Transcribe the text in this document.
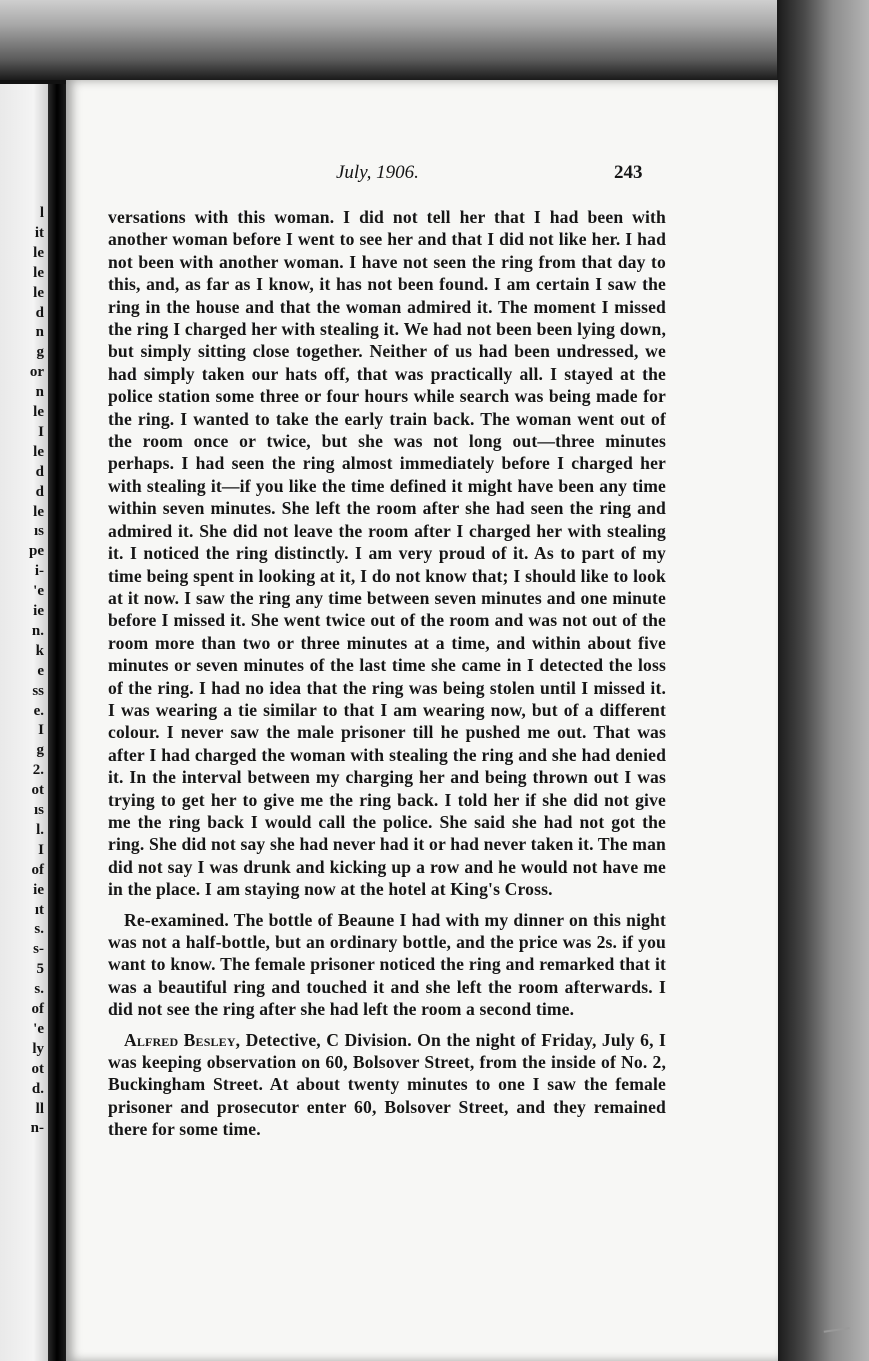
l
it
le
le
le
d
n
g
or
n
le
I
le
d
d
le
ıs
pe
i-
'e
ie
n.
k
e
ss
e.
I
g
2.
ot
ıs
l.
I
of
ie
ıt
s.
s-
5
s.
of
'e
ly
ot
d.
ll
n-
July, 1906.	243

versations with this woman. I did not tell her that I had been with another woman before I went to see her and that I did not like her. I had not been with another woman. I have not seen the ring from that day to this, and, as far as I know, it has not been found. I am certain I saw the ring in the house and that the woman admired it. The moment I missed the ring I charged her with stealing it. We had not been been lying down, but simply sitting close together. Neither of us had been undressed, we had simply taken our hats off, that was practically all. I stayed at the police station some three or four hours while search was being made for the ring. I wanted to take the early train back. The woman went out of the room once or twice, but she was not long out—three minutes perhaps. I had seen the ring almost immediately before I charged her with stealing it—if you like the time defined it might have been any time within seven minutes. She left the room after she had seen the ring and admired it. She did not leave the room after I charged her with stealing it. I noticed the ring distinctly. I am very proud of it. As to part of my time being spent in looking at it, I do not know that; I should like to look at it now. I saw the ring any time between seven minutes and one minute before I missed it. She went twice out of the room and was not out of the room more than two or three minutes at a time, and within about five minutes or seven minutes of the last time she came in I detected the loss of the ring. I had no idea that the ring was being stolen until I missed it. I was wearing a tie similar to that I am wearing now, but of a different colour. I never saw the male prisoner till he pushed me out. That was after I had charged the woman with stealing the ring and she had denied it. In the interval between my charging her and being thrown out I was trying to get her to give me the ring back. I told her if she did not give me the ring back I would call the police. She said she had not got the ring. She did not say she had never had it or had never taken it. The man did not say I was drunk and kicking up a row and he would not have me in the place. I am staying now at the hotel at King's Cross.

Re-examined. The bottle of Beaune I had with my dinner on this night was not a half-bottle, but an ordinary bottle, and the price was 2s. if you want to know. The female prisoner noticed the ring and remarked that it was a beautiful ring and touched it and she left the room afterwards. I did not see the ring after she had left the room a second time.

Alfred Besley, Detective, C Division. On the night of Friday, July 6, I was keeping observation on 60, Bolsover Street, from the inside of No. 2, Buckingham Street. At about twenty minutes to one I saw the female prisoner and prosecutor enter 60, Bolsover Street, and they remained there for some time.
